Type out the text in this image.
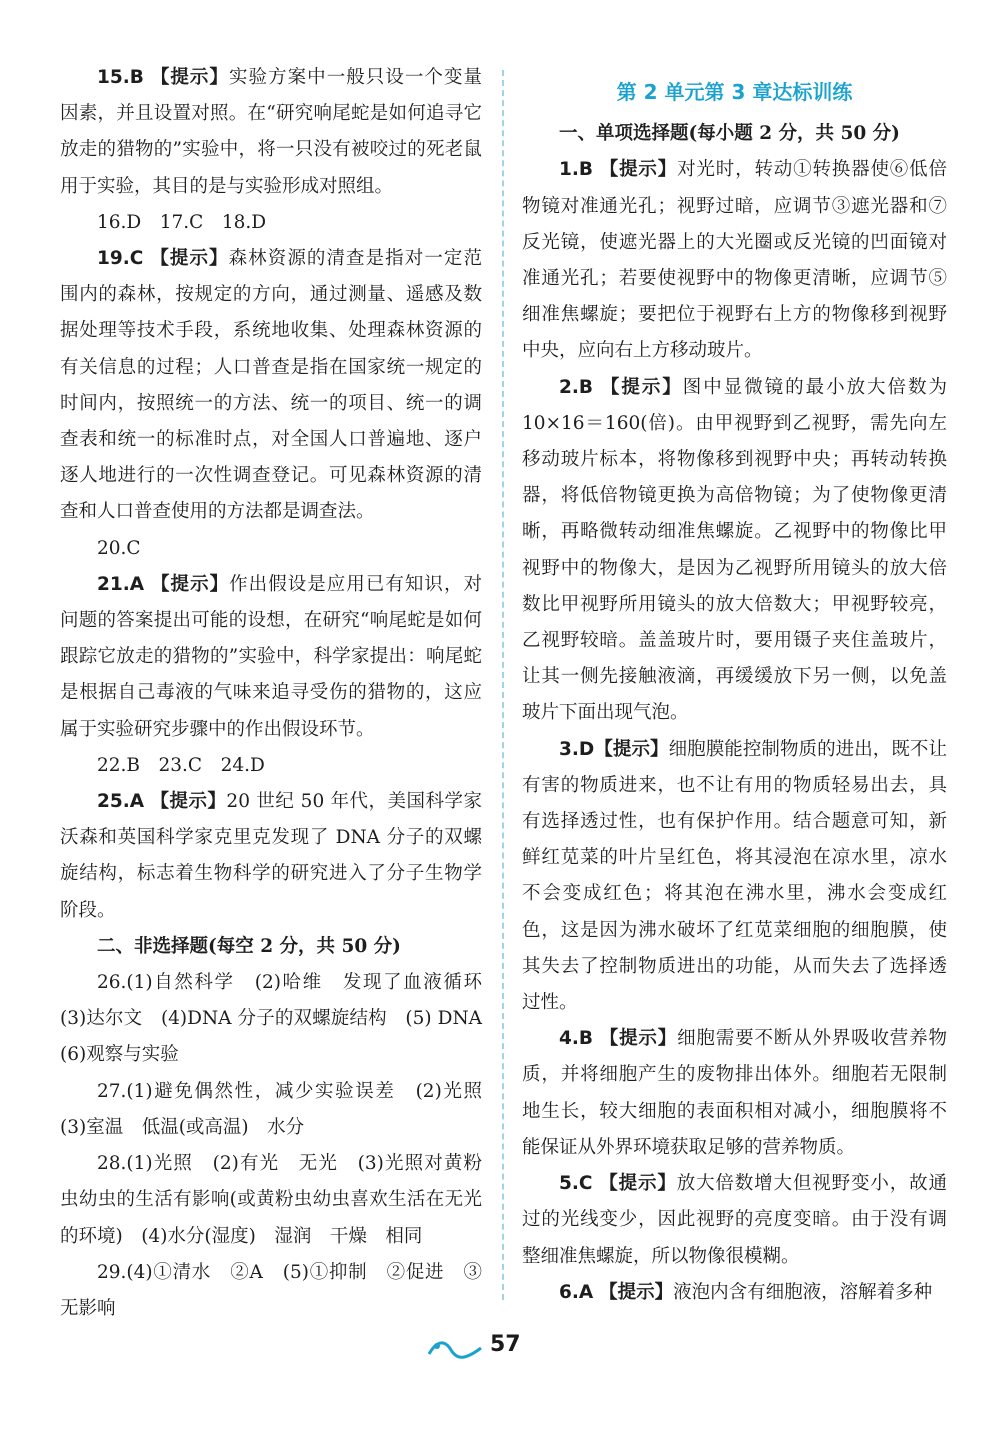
15.B 【提示】实验方案中一般只设一个变量因素，并且设置对照。在“研究响尾蛇是如何追寻它放走的猎物的”实验中，将一只没有被咬过的死老鼠用于实验，其目的是与实验形成对照组。

16.D　17.C　18.D

19.C 【提示】森林资源的清查是指对一定范围内的森林，按规定的方向，通过测量、遥感及数据处理等技术手段，系统地收集、处理森林资源的有关信息的过程；人口普查是指在国家统一规定的时间内，按照统一的方法、统一的项目、统一的调查表和统一的标准时点，对全国人口普遍地、逐户逐人地进行的一次性调查登记。可见森林资源的清查和人口普查使用的方法都是调查法。

20.C

21.A 【提示】作出假设是应用已有知识，对问题的答案提出可能的设想，在研究“响尾蛇是如何跟踪它放走的猎物的”实验中，科学家提出：响尾蛇是根据自己毒液的气味来追寻受伤的猎物的，这应属于实验研究步骤中的作出假设环节。

22.B　23.C　24.D

25.A 【提示】20 世纪 50 年代，美国科学家沃森和英国科学家克里克发现了 DNA 分子的双螺旋结构，标志着生物科学的研究进入了分子生物学阶段。

二、非选择题(每空 2 分，共 50 分)

26.(1)自然科学　(2)哈维　发现了血液循环　(3)达尔文　(4)DNA 分子的双螺旋结构　(5) DNA　(6)观察与实验

27.(1)避免偶然性，减少实验误差　(2)光照　(3)室温　低温(或高温)　水分

28.(1)光照　(2)有光　无光　(3)光照对黄粉虫幼虫的生活有影响(或黄粉虫幼虫喜欢生活在无光的环境)　(4)水分(湿度)　湿润　干燥　相同

29.(4)①清水　②A　(5)①抑制　②促进　③无影响

第 2 单元第 3 章达标训练

一、单项选择题(每小题 2 分，共 50 分)

1.B 【提示】对光时，转动①转换器使⑥低倍物镜对准通光孔；视野过暗，应调节③遮光器和⑦反光镜，使遮光器上的大光圈或反光镜的凹面镜对准通光孔；若要使视野中的物像更清晰，应调节⑤细准焦螺旋；要把位于视野右上方的物像移到视野中央，应向右上方移动玻片。

2.B 【提示】图中显微镜的最小放大倍数为 10×16＝160(倍)。由甲视野到乙视野，需先向左移动玻片标本，将物像移到视野中央；再转动转换器，将低倍物镜更换为高倍物镜；为了使物像更清晰，再略微转动细准焦螺旋。乙视野中的物像比甲视野中的物像大，是因为乙视野所用镜头的放大倍数比甲视野所用镜头的放大倍数大；甲视野较亮，乙视野较暗。盖盖玻片时，要用镊子夹住盖玻片，让其一侧先接触液滴，再缓缓放下另一侧，以免盖玻片下面出现气泡。

3.D【提示】细胞膜能控制物质的进出，既不让有害的物质进来，也不让有用的物质轻易出去，具有选择透过性，也有保护作用。结合题意可知，新鲜红苋菜的叶片呈红色，将其浸泡在凉水里，凉水不会变成红色；将其泡在沸水里，沸水会变成红色，这是因为沸水破坏了红苋菜细胞的细胞膜，使其失去了控制物质进出的功能，从而失去了选择透过性。

4.B 【提示】细胞需要不断从外界吸收营养物质，并将细胞产生的废物排出体外。细胞若无限制地生长，较大细胞的表面积相对减小，细胞膜将不能保证从外界环境获取足够的营养物质。

5.C 【提示】放大倍数增大但视野变小，故通过的光线变少，因此视野的亮度变暗。由于没有调整细准焦螺旋，所以物像很模糊。

6.A 【提示】液泡内含有细胞液，溶解着多种

57
